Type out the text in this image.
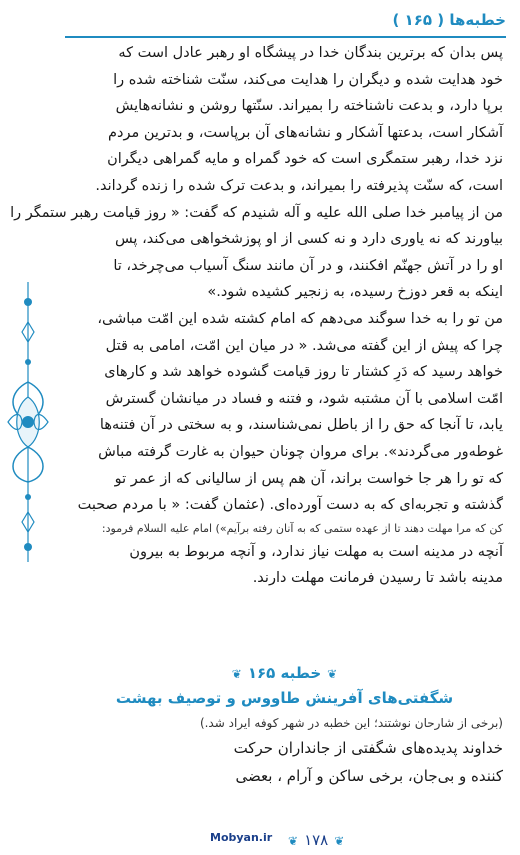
خطبه‌ها ( ۱۶۵ )

پس بدان که برترین بندگان خدا در پیشگاه او رهبر عادل است که
خود هدایت شده و دیگران را هدایت می‌کند، سنّت شناخته شده را
برپا دارد، و بدعت ناشناخته را بمیراند. سنّتها روشن و نشانه‌هایش
آشکار است، بدعتها آشکار و نشانه‌های آن برپاست، و بدترین مردم
نزد خدا، رهبر ستمگری است که خود گمراه و مایه گمراهی دیگران
است، که سنّت پذیرفته را بمیراند، و بدعت ترک شده را زنده گرداند.
من از پیامبر خدا صلی الله علیه و آله شنیدم که گفت: « روز قیامت رهبر ستمگر را
بیاورند که نه یاوری دارد و نه کسی از او پوزشخواهی می‌کند، پس
او را در آتش جهنّم افکنند، و در آن مانند سنگ آسیاب می‌چرخد، تا
اینکه به قعر دوزخ رسیده، به زنجیر کشیده شود.»

من تو را به خدا سوگند می‌دهم که امام کشته شده این امّت مباشی،
چرا که پیش از این گفته می‌شد. « در میان این امّت، امامی به قتل
خواهد رسید که دَرِ کشتار تا روز قیامت گشوده خواهد شد و کارهای
امّت اسلامی با آن مشتبه شود، و فتنه و فساد در میانشان گسترش
یابد، تا آنجا که حق را از باطل نمی‌شناسند، و به سختی در آن فتنه‌ها
غوطه‌ور می‌گردند». برای مروان چونان حیوان به غارت گرفته مباش
که تو را هر جا خواست براند، آن هم پس از سالیانی که از عمر تو
گذشته و تجربه‌ای که به دست آورده‌ای. (عثمان گفت: « با مردم صحبت

کن که مرا مهلت دهند تا از عهده ستمی که به آنان رفته برآیم») امام علیه السلام فرمود:

آنچه در مدینه است به مهلت نیاز ندارد، و آنچه مربوط به بیرون
مدینه باشد تا رسیدن فرمانت مهلت دارند.

❦خطبه ۱۶۵❦
شگفتی‌های آفرینش طاووس و توصیف بهشت
(برخی از شارحان نوشتند؛ این خطبه در شهر کوفه ایراد شد.)

خداوند پدیده‌های شگفتی از جانداران حرکت
کننده و بی‌جان، برخی ساکن و آرام ، بعضی

Mobyan.ir	❦ ۱۷۸ ❦
